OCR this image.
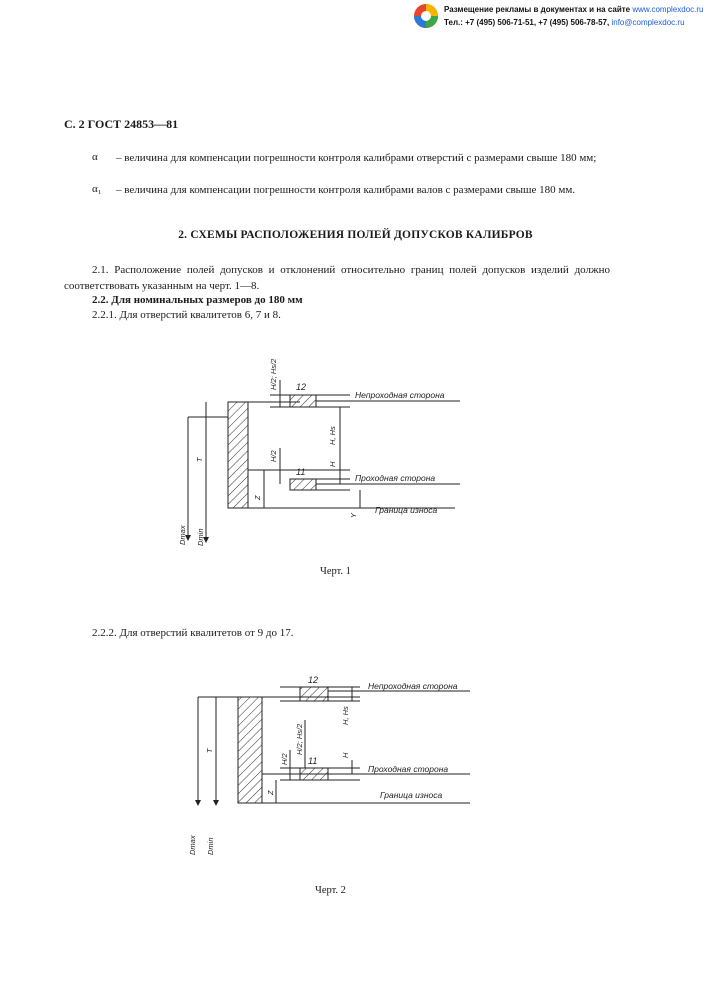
Размещение рекламы в документах и на сайте www.complexdoc.ru
Тел.: +7 (495) 506-71-51, +7 (495) 506-78-57, info@complexdoc.ru
С. 2 ГОСТ 24853—81
α – величина для компенсации погрешности контроля калибрами отверстий с размерами свыше 180 мм;
α₁ – величина для компенсации погрешности контроля калибрами валов с размерами свыше 180 мм.
2. СХЕМЫ РАСПОЛОЖЕНИЯ ПОЛЕЙ ДОПУСКОВ КАЛИБРОВ
2.1. Расположение полей допусков и отклонений относительно границ полей допусков изделий должно соответствовать указанным на черт. 1—8.
2.2. Для номинальных размеров до 180 мм
2.2.1. Для отверстий квалитетов 6, 7 и 8.
12
11
Непроходная сторона
Проходная сторона
Граница износа
H/2; Hs/2
H, Hs
H/2
H
Z
Y
T
Dmax Dmin
Черт. 1
2.2.2. Для отверстий квалитетов от 9 до 17.
12
11
Непроходная сторона
Проходная сторона
Граница износа
H, Hs
H/2; Hs/2
H/2	H
Z
T
Dmax Dmin
Черт. 2
